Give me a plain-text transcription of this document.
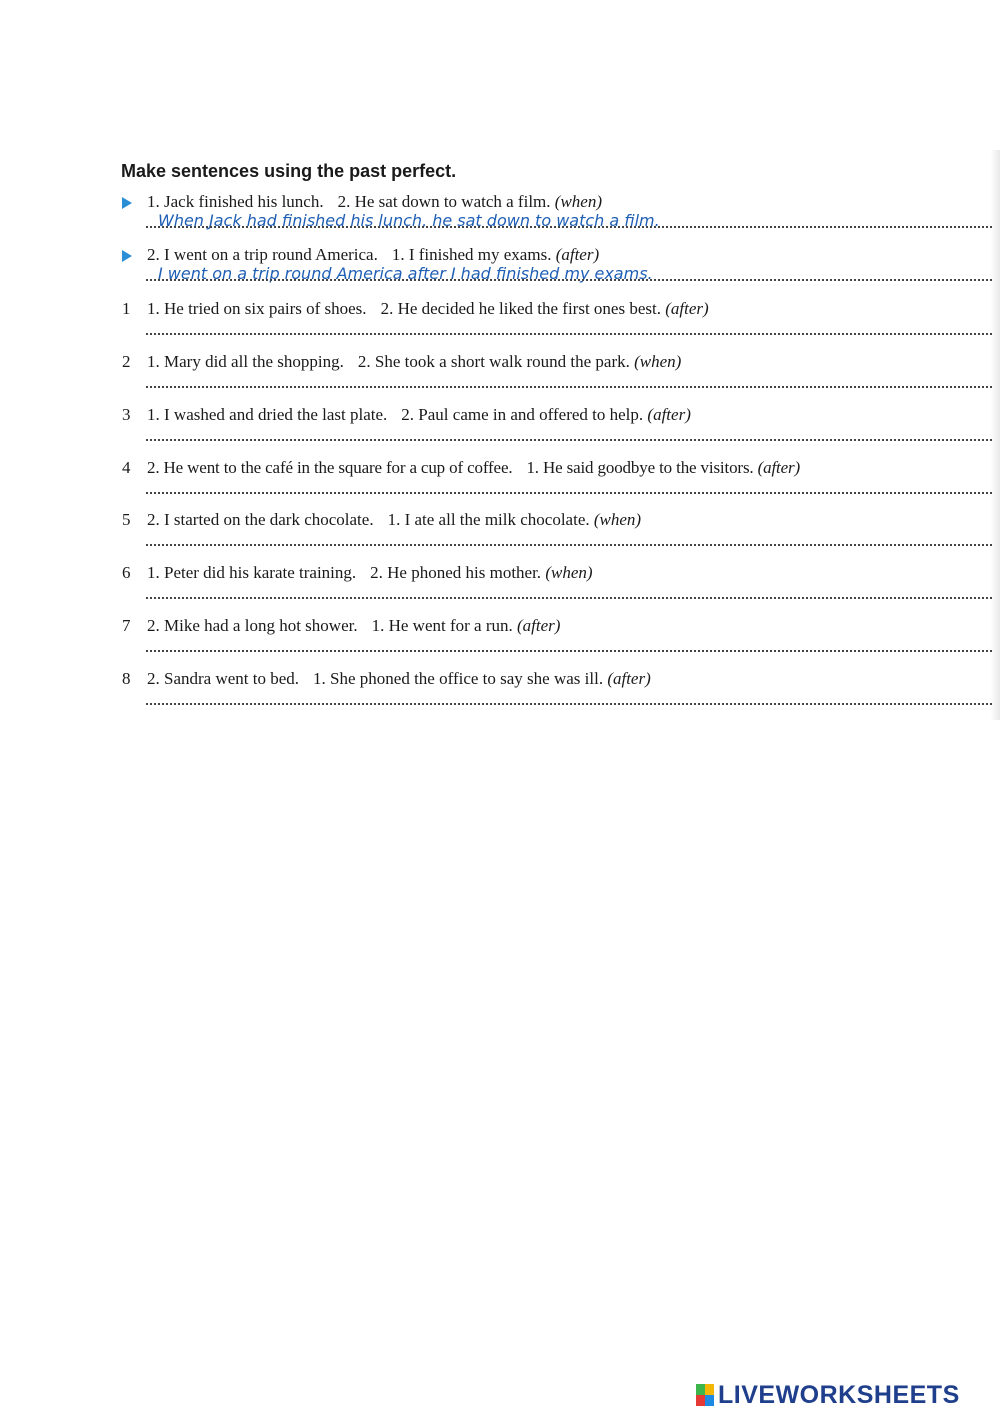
Make sentences using the past perfect.
1. Jack finished his lunch. 2. He sat down to watch a film. (when)
When Jack had finished his lunch, he sat down to watch a film.
2. I went on a trip round America. 1. I finished my exams. (after)
I went on a trip round America after I had finished my exams.
1 1. He tried on six pairs of shoes. 2. He decided he liked the first ones best. (after)
2 1. Mary did all the shopping. 2. She took a short walk round the park. (when)
3 1. I washed and dried the last plate. 2. Paul came in and offered to help. (after)
4 2. He went to the café in the square for a cup of coffee. 1. He said goodbye to the visitors. (after)
5 2. I started on the dark chocolate. 1. I ate all the milk chocolate. (when)
6 1. Peter did his karate training. 2. He phoned his mother. (when)
7 2. Mike had a long hot shower. 1. He went for a run. (after)
8 2. Sandra went to bed. 1. She phoned the office to say she was ill. (after)
LIVEWORKSHEETS
